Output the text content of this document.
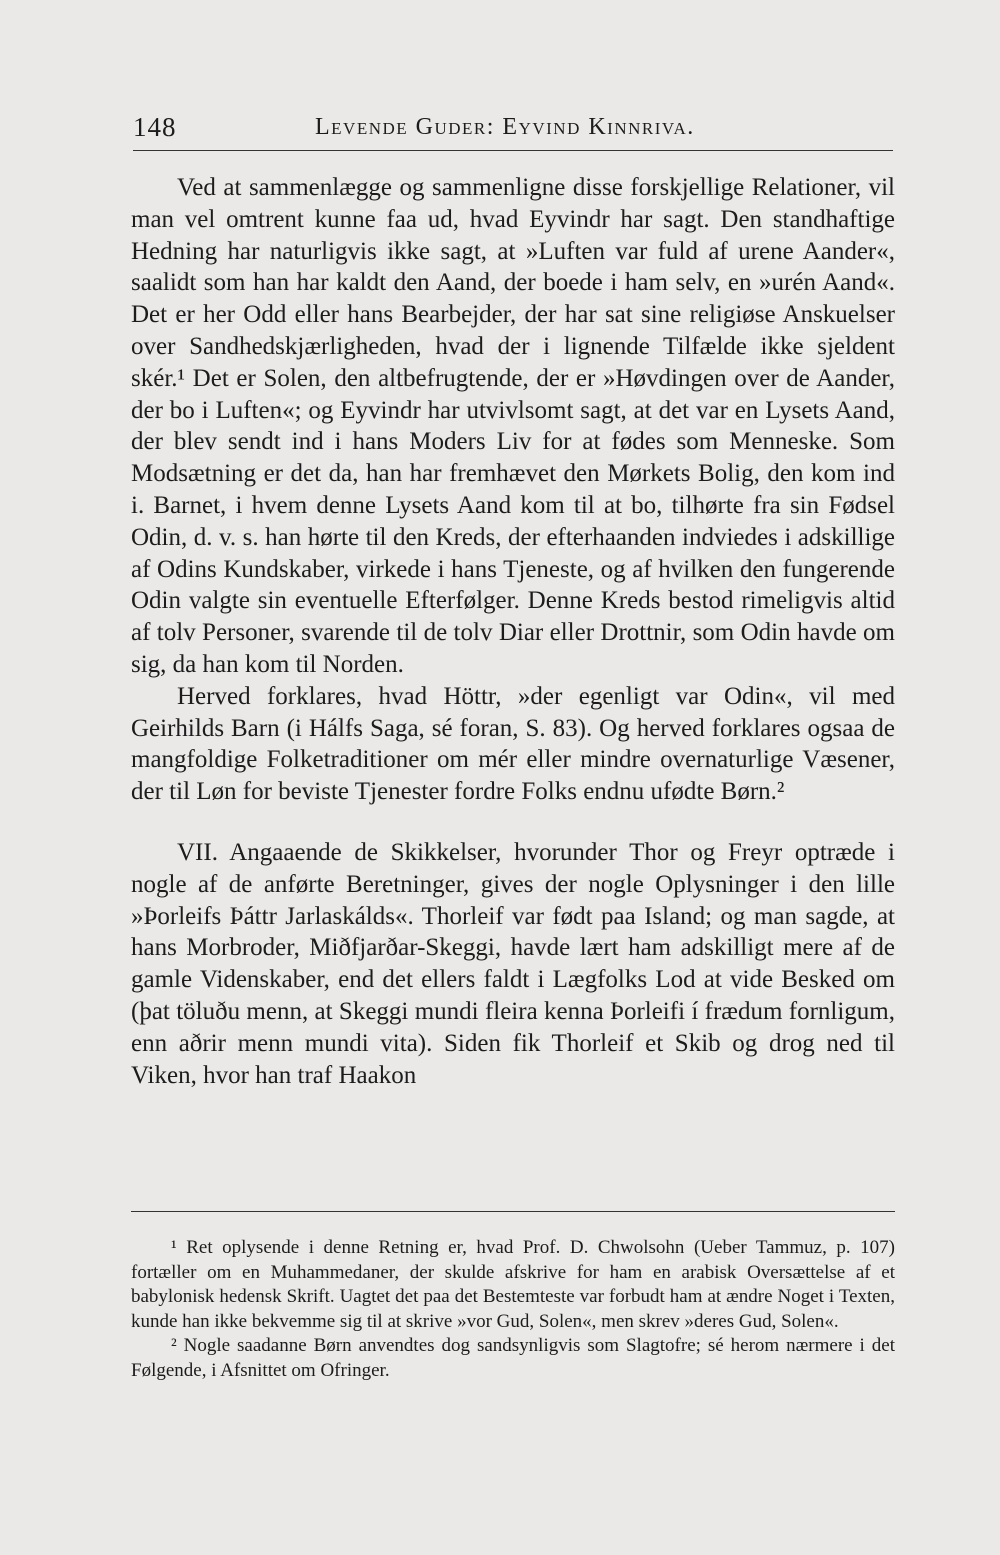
148	Levende Guder: Eyvind Kinnriva.

Ved at sammenlægge og sammenligne disse forskjellige Relationer, vil man vel omtrent kunne faa ud, hvad Eyvindr har sagt. Den standhaftige Hedning har naturligvis ikke sagt, at »Luften var fuld af urene Aander«, saalidt som han har kaldt den Aand, der boede i ham selv, en »urén Aand«. Det er her Odd eller hans Bearbejder, der har sat sine religiøse Anskuelser over Sandhedskjærligheden, hvad der i lignende Tilfælde ikke sjeldent skér.¹ Det er Solen, den altbefrugtende, der er »Høvdingen over de Aander, der bo i Luften«; og Eyvindr har utvivlsomt sagt, at det var en Lysets Aand, der blev sendt ind i hans Moders Liv for at fødes som Menneske. Som Modsætning er det da, han har fremhævet den Mørkets Bolig, den kom ind i. Barnet, i hvem denne Lysets Aand kom til at bo, tilhørte fra sin Fødsel Odin, d. v. s. han hørte til den Kreds, der efterhaanden indviedes i adskillige af Odins Kundskaber, virkede i hans Tjeneste, og af hvilken den fungerende Odin valgte sin eventuelle Efterfølger. Denne Kreds bestod rimeligvis altid af tolv Personer, svarende til de tolv Diar eller Drottnir, som Odin havde om sig, da han kom til Norden.

Herved forklares, hvad Höttr, »der egenligt var Odin«, vil med Geirhilds Barn (i Hálfs Saga, sé foran, S. 83). Og herved forklares ogsaa de mangfoldige Folketraditioner om mér eller mindre overnaturlige Væsener, der til Løn for beviste Tjenester fordre Folks endnu ufødte Børn.²

VII. Angaaende de Skikkelser, hvorunder Thor og Freyr optræde i nogle af de anførte Beretninger, gives der nogle Oplysninger i den lille »Þorleifs Þáttr Jarlaskálds«. Thorleif var født paa Island; og man sagde, at hans Morbroder, Miðfjarðar-Skeggi, havde lært ham adskilligt mere af de gamle Videnskaber, end det ellers faldt i Lægfolks Lod at vide Besked om (þat töluðu menn, at Skeggi mundi fleira kenna Þorleifi í frædum fornligum, enn aðrir menn mundi vita). Siden fik Thorleif et Skib og drog ned til Viken, hvor han traf Haakon

¹ Ret oplysende i denne Retning er, hvad Prof. D. Chwolsohn (Ueber Tammuz, p. 107) fortæller om en Muhammedaner, der skulde afskrive for ham en arabisk Oversættelse af et babylonisk hedensk Skrift. Uagtet det paa det Bestemteste var forbudt ham at ændre Noget i Texten, kunde han ikke bekvemme sig til at skrive »vor Gud, Solen«, men skrev »deres Gud, Solen«.

² Nogle saadanne Børn anvendtes dog sandsynligvis som Slagtofre; sé herom nærmere i det Følgende, i Afsnittet om Ofringer.
